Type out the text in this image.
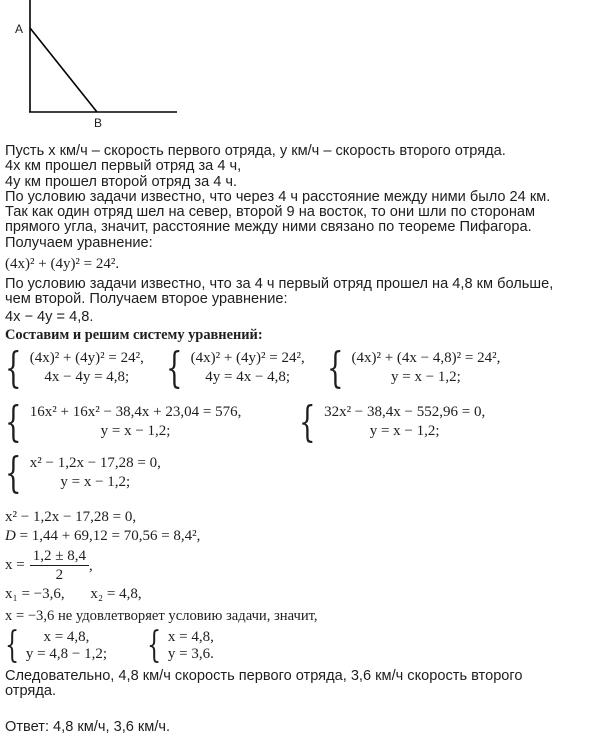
A
B
Пусть x км/ч – скорость первого отряда, у км/ч – скорость второго отряда.
4x км прошел первый отряд за 4 ч,
4у км прошел второй отряд за 4 ч.
По условию задачи известно, что через 4 ч расстояние между ними было 24 км.
Так как один отряд шел на север, второй 9 на восток, то они шли по сторонам
прямого угла, значит, расстояние между ними связано по теореме Пифагора.
Получаем уравнение:
(4x)² + (4y)² = 24².
По условию задачи известно, что за 4 ч первый отряд прошел на 4,8 км больше,
чем второй. Получаем второе уравнение:
4x − 4y = 4,8.
Составим и решим систему уравнений:
{ (4x)² + (4y)² = 24²,
4x − 4y = 4,8; { (4x)² + (4y)² = 24²,
4y = 4x − 4,8; { (4x)² + (4x − 4,8)² = 24²,
y = x − 1,2;
{ 16x² + 16x² − 38,4x + 23,04 = 576,
y = x − 1,2;	{ 32x² − 38,4x − 552,96 = 0,
y = x − 1,2;
{ x² − 1,2x − 17,28 = 0,
y = x − 1,2;
x² − 1,2x − 17,28 = 0,
D = 1,44 + 69,12 = 70,56 = 8,4²,
$x = \frac{1,2 \pm 8,4}{2}$ ,
x₁ = −3,6, x₂ = 4,8,
x = −3,6 не удовлетворяет условию задачи, значит,
{	x = 4,8,
y = 4,8 − 1,2; { x = 4,8,
y = 3,6.
Следовательно, 4,8 км/ч скорость первого отряда, 3,6 км/ч скорость второго
отряда.
Ответ: 4,8 км/ч, 3,6 км/ч.
